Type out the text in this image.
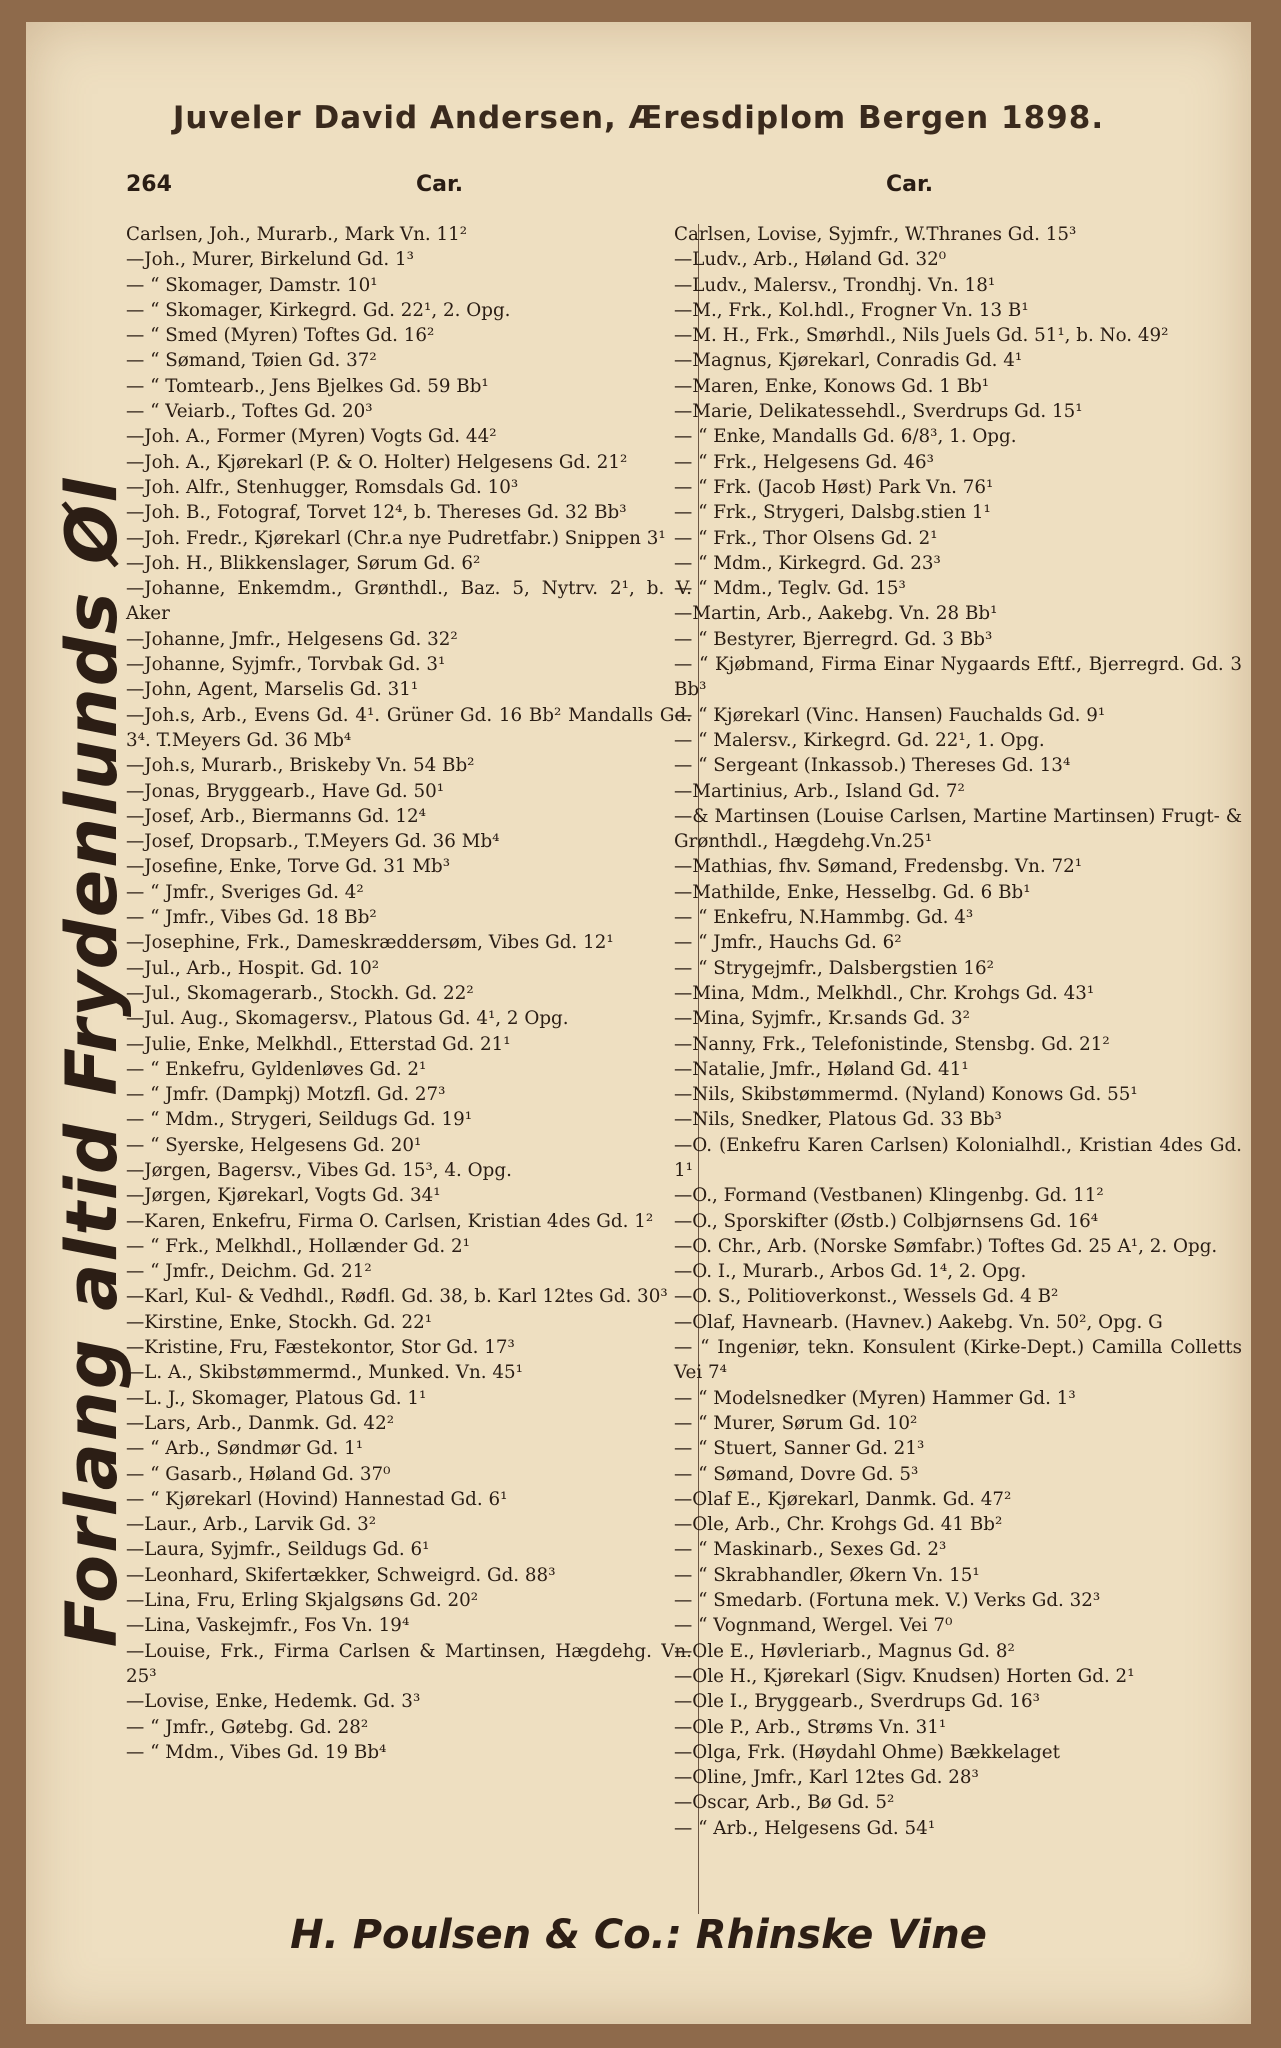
Juveler David Andersen, Æresdiplom Bergen 1898.
264	Car.	Car.
Forlang altid Frydenlunds Øl
Carlsen, Joh., Murarb., Mark Vn. 11²
—Joh., Murer, Birkelund Gd. 1³
— “ Skomager, Damstr. 10¹
— “ Skomager, Kirkegrd. Gd. 22¹, 2. Opg.
— “ Smed (Myren) Toftes Gd. 16²
— “ Sømand, Tøien Gd. 37²
— “ Tomtearb., Jens Bjelkes Gd. 59 Bb¹
— “ Veiarb., Toftes Gd. 20³
—Joh. A., Former (Myren) Vogts Gd. 44²
—Joh. A., Kjørekarl (P. & O. Holter) Helgesens Gd. 21²
—Joh. Alfr., Stenhugger, Romsdals Gd. 10³
—Joh. B., Fotograf, Torvet 12⁴, b. Thereses Gd. 32 Bb³
—Joh. Fredr., Kjørekarl (Chr.a nye Pudretfabr.) Snippen 3¹
—Joh. H., Blikkenslager, Sørum Gd. 6²
—Johanne, Enkemdm., Grønthdl., Baz. 5, Nytrv. 2¹, b. V. Aker
—Johanne, Jmfr., Helgesens Gd. 32²
—Johanne, Syjmfr., Torvbak Gd. 3¹
—John, Agent, Marselis Gd. 31¹
—Joh.s, Arb., Evens Gd. 4¹. Grüner Gd. 16 Bb² Mandalls Gd. 3⁴. T.Meyers Gd. 36 Mb⁴
—Joh.s, Murarb., Briskeby Vn. 54 Bb²
—Jonas, Bryggearb., Have Gd. 50¹
—Josef, Arb., Biermanns Gd. 12⁴
—Josef, Dropsarb., T.Meyers Gd. 36 Mb⁴
—Josefine, Enke, Torve Gd. 31 Mb³
— “ Jmfr., Sveriges Gd. 4²
— “ Jmfr., Vibes Gd. 18 Bb²
—Josephine, Frk., Dameskræddersøm, Vibes Gd. 12¹
—Jul., Arb., Hospit. Gd. 10²
—Jul., Skomagerarb., Stockh. Gd. 22²
—Jul. Aug., Skomagersv., Platous Gd. 4¹, 2 Opg.
—Julie, Enke, Melkhdl., Etterstad Gd. 21¹
— “ Enkefru, Gyldenløves Gd. 2¹
— “ Jmfr. (Dampkj) Motzfl. Gd. 27³
— “ Mdm., Strygeri, Seildugs Gd. 19¹
— “ Syerske, Helgesens Gd. 20¹
—Jørgen, Bagersv., Vibes Gd. 15³, 4. Opg.
—Jørgen, Kjørekarl, Vogts Gd. 34¹
—Karen, Enkefru, Firma O. Carlsen, Kristian 4des Gd. 1²
— “ Frk., Melkhdl., Hollænder Gd. 2¹
— “ Jmfr., Deichm. Gd. 21²
—Karl, Kul- & Vedhdl., Rødfl. Gd. 38, b. Karl 12tes Gd. 30³
—Kirstine, Enke, Stockh. Gd. 22¹
—Kristine, Fru, Fæstekontor, Stor Gd. 17³
—L. A., Skibstømmermd., Munked. Vn. 45¹
—L. J., Skomager, Platous Gd. 1¹
—Lars, Arb., Danmk. Gd. 42²
— “ Arb., Søndmør Gd. 1¹
— “ Gasarb., Høland Gd. 37⁰
— “ Kjørekarl (Hovind) Hannestad Gd. 6¹
—Laur., Arb., Larvik Gd. 3²
—Laura, Syjmfr., Seildugs Gd. 6¹
—Leonhard, Skifertækker, Schweigrd. Gd. 88³
—Lina, Fru, Erling Skjalgsøns Gd. 20²
—Lina, Vaskejmfr., Fos Vn. 19⁴
—Louise, Frk., Firma Carlsen & Martinsen, Hægdehg. Vn. 25³
—Lovise, Enke, Hedemk. Gd. 3³
— “ Jmfr., Gøtebg. Gd. 28²
— “ Mdm., Vibes Gd. 19 Bb⁴
Carlsen, Lovise, Syjmfr., W.Thranes Gd. 15³
—Ludv., Arb., Høland Gd. 32⁰
—Ludv., Malersv., Trondhj. Vn. 18¹
—M., Frk., Kol.hdl., Frogner Vn. 13 B¹
—M. H., Frk., Smørhdl., Nils Juels Gd. 51¹, b. No. 49²
—Magnus, Kjørekarl, Conradis Gd. 4¹
—Maren, Enke, Konows Gd. 1 Bb¹
—Marie, Delikatessehdl., Sverdrups Gd. 15¹
— “ Enke, Mandalls Gd. 6/8³, 1. Opg.
— “ Frk., Helgesens Gd. 46³
— “ Frk. (Jacob Høst) Park Vn. 76¹
— “ Frk., Strygeri, Dalsbg.stien 1¹
— “ Frk., Thor Olsens Gd. 2¹
— “ Mdm., Kirkegrd. Gd. 23³
— “ Mdm., Teglv. Gd. 15³
—Martin, Arb., Aakebg. Vn. 28 Bb¹
— “ Bestyrer, Bjerregrd. Gd. 3 Bb³
— “ Kjøbmand, Firma Einar Nygaards Eftf., Bjerregrd. Gd. 3 Bb³
— “ Kjørekarl (Vinc. Hansen) Fauchalds Gd. 9¹
— “ Malersv., Kirkegrd. Gd. 22¹, 1. Opg.
— “ Sergeant (Inkassob.) Thereses Gd. 13⁴
—Martinius, Arb., Island Gd. 7²
—& Martinsen (Louise Carlsen, Martine Martinsen) Frugt- & Grønthdl., Hægdehg.Vn.25¹
—Mathias, fhv. Sømand, Fredensbg. Vn. 72¹
—Mathilde, Enke, Hesselbg. Gd. 6 Bb¹
— “ Enkefru, N.Hammbg. Gd. 4³
— “ Jmfr., Hauchs Gd. 6²
— “ Strygejmfr., Dalsbergstien 16²
—Mina, Mdm., Melkhdl., Chr. Krohgs Gd. 43¹
—Mina, Syjmfr., Kr.sands Gd. 3²
—Nanny, Frk., Telefonistinde, Stensbg. Gd. 21²
—Natalie, Jmfr., Høland Gd. 41¹
—Nils, Skibstømmermd. (Nyland) Konows Gd. 55¹
—Nils, Snedker, Platous Gd. 33 Bb³
—O. (Enkefru Karen Carlsen) Kolonialhdl., Kristian 4des Gd. 1¹
—O., Formand (Vestbanen) Klingenbg. Gd. 11²
—O., Sporskifter (Østb.) Colbjørnsens Gd. 16⁴
—O. Chr., Arb. (Norske Sømfabr.) Toftes Gd. 25 A¹, 2. Opg.
—O. I., Murarb., Arbos Gd. 1⁴, 2. Opg.
—O. S., Politioverkonst., Wessels Gd. 4 B²
—Olaf, Havnearb. (Havnev.) Aakebg. Vn. 50², Opg. G
— “ Ingeniør, tekn. Konsulent (Kirke-Dept.) Camilla Colletts Vei 7⁴
— “ Modelsnedker (Myren) Hammer Gd. 1³
— “ Murer, Sørum Gd. 10²
— “ Stuert, Sanner Gd. 21³
— “ Sømand, Dovre Gd. 5³
—Olaf E., Kjørekarl, Danmk. Gd. 47²
—Ole, Arb., Chr. Krohgs Gd. 41 Bb²
— “ Maskinarb., Sexes Gd. 2³
— “ Skrabhandler, Økern Vn. 15¹
— “ Smedarb. (Fortuna mek. V.) Verks Gd. 32³
— “ Vognmand, Wergel. Vei 7⁰
—Ole E., Høvleriarb., Magnus Gd. 8²
—Ole H., Kjørekarl (Sigv. Knudsen) Horten Gd. 2¹
—Ole I., Bryggearb., Sverdrups Gd. 16³
—Ole P., Arb., Strøms Vn. 31¹
—Olga, Frk. (Høydahl Ohme) Bækkelaget
—Oline, Jmfr., Karl 12tes Gd. 28³
—Oscar, Arb., Bø Gd. 5²
— “ Arb., Helgesens Gd. 54¹
H. Poulsen & Co.: Rhinske Vine
